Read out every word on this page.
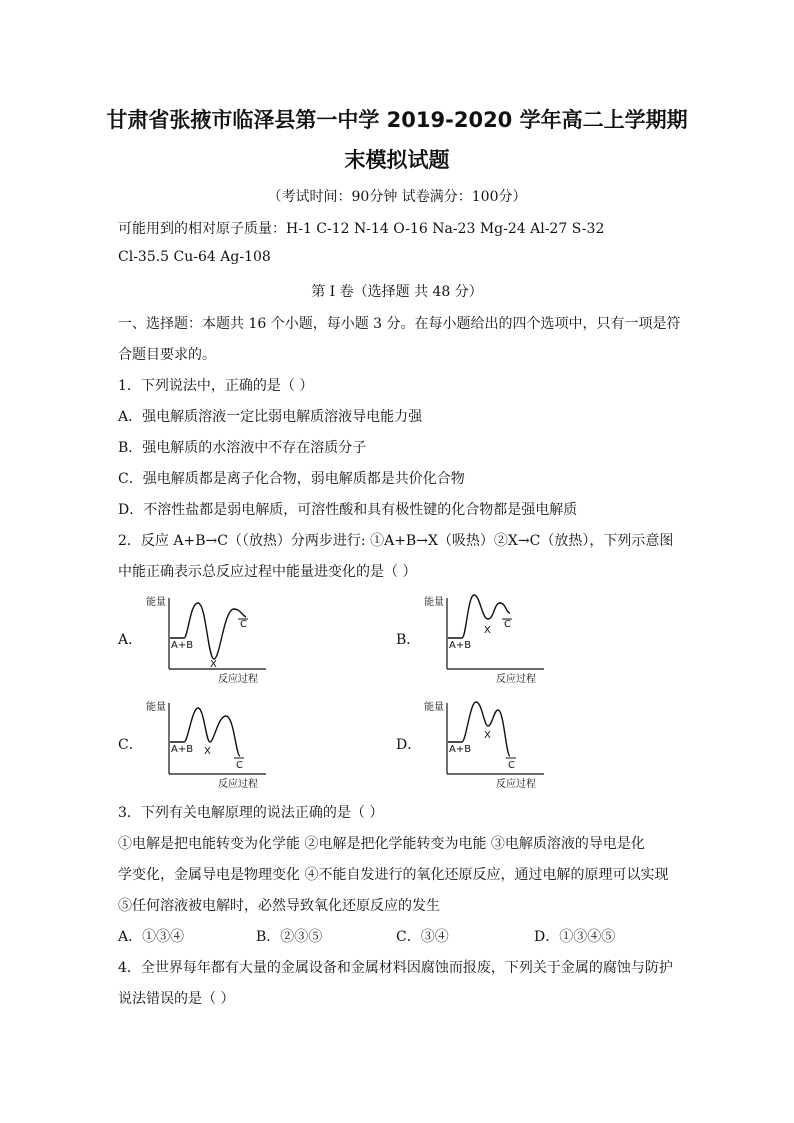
甘肃省张掖市临泽县第一中学 2019-2020 学年高二上学期期
末模拟试题
（考试时间：90分钟 试卷满分：100分）
可能用到的相对原子质量：H-1 C-12 N-14 O-16 Na-23 Mg-24 Al-27 S-32
Cl-35.5 Cu-64 Ag-108
第 I 卷（选择题 共 48 分）
一、选择题：本题共 16 个小题，每小题 3 分。在每小题给出的四个选项中，只有一项是符
合题目要求的。
1．下列说法中，正确的是（ ）
A．强电解质溶液一定比弱电解质溶液导电能力强
B．强电解质的水溶液中不存在溶质分子
C．强电解质都是离子化合物，弱电解质都是共价化合物
D．不溶性盐都是弱电解质，可溶性酸和具有极性键的化合物都是强电解质
2．反应 A+B→C（（放热）分两步进行: ①A+B→X（吸热）②X→C（放热），下列示意图
中能正确表示总反应过程中能量进变化的是（ ）
A．	B．
C．	D．
能量
A+B
X
C
反应过程
能量
A+B
X
C
反应过程
能量
A+B X
C
反应过程
能量
A+B
X
C
反应过程
3．下列有关电解原理的说法正确的是（ ）
①电解是把电能转变为化学能 ②电解是把化学能转变为电能 ③电解质溶液的导电是化
学变化，金属导电是物理变化 ④不能自发进行的氧化还原反应，通过电解的原理可以实现
⑤任何溶液被电解时，必然导致氧化还原反应的发生
A．①③④	B．②③⑤	C．③④	D．①③④⑤
4．全世界每年都有大量的金属设备和金属材料因腐蚀而报废，下列关于金属的腐蚀与防护
说法错误的是（ ）
